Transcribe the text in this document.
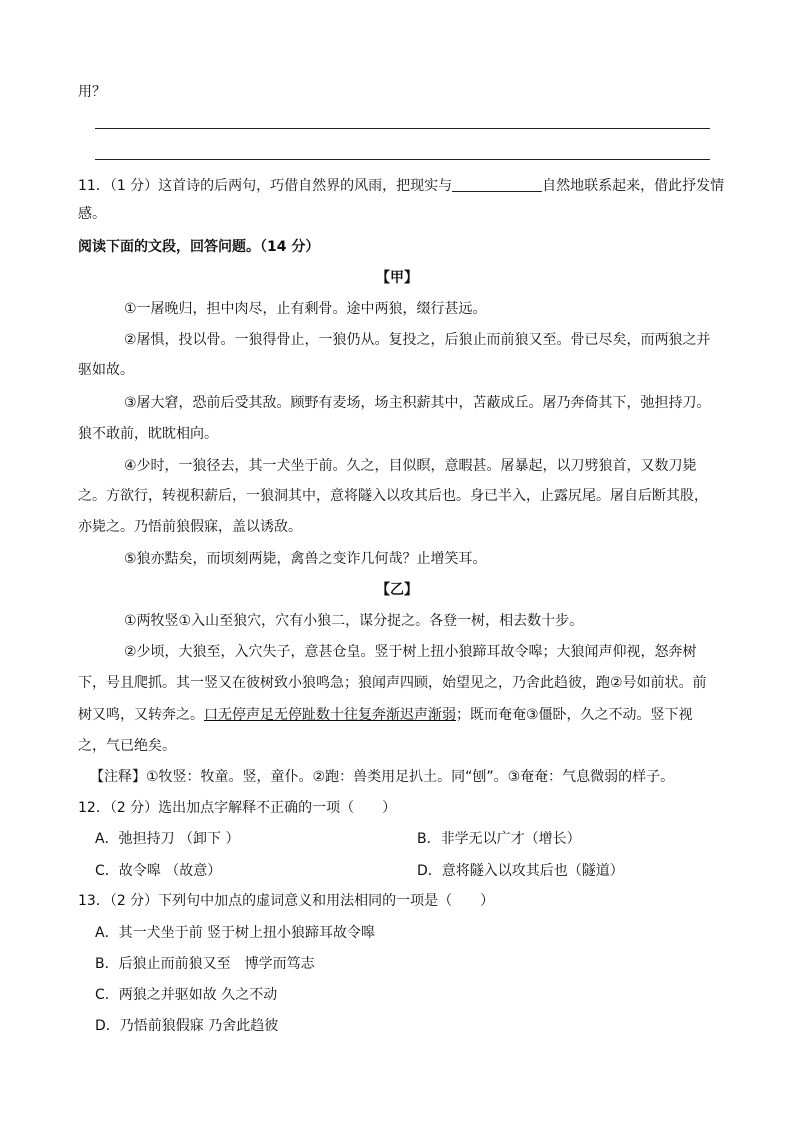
用？
11．（1 分）这首诗的后两句，巧借自然界的风雨，把现实与	自然地联系起来，借此抒发情
感。
阅读下面的文段，回答问题。（14 分）
【甲】
①一屠晚归，担中肉尽，止有剩骨。途中两狼，缀行甚远。
②屠惧，投以骨。一狼得骨止，一狼仍从。复投之，后狼止而前狼又至。骨已尽矣，而两狼之并
驱如故。
③屠大窘，恐前后受其敌。顾野有麦场，场主积薪其中，苫蔽成丘。屠乃奔倚其下，弛担持刀。
狼不敢前，眈眈相向。
④少时，一狼径去，其一犬坐于前。久之，目似瞑，意暇甚。屠暴起，以刀劈狼首，又数刀毙
之。方欲行，转视积薪后，一狼洞其中，意将隧入以攻其后也。身已半入，止露尻尾。屠自后断其股，
亦毙之。乃悟前狼假寐，盖以诱敌。
⑤狼亦黠矣，而顷刻两毙，禽兽之变诈几何哉？止增笑耳。
【乙】
①两牧竖①入山至狼穴，穴有小狼二，谋分捉之。各登一树，相去数十步。
②少顷，大狼至，入穴失子，意甚仓皇。竖于树上扭小狼蹄耳故令嗥；大狼闻声仰视，怒奔树
下，号且爬抓。其一竖又在彼树致小狼鸣急；狼闻声四顾，始望见之，乃舍此趋彼，跑②号如前状。前
树又鸣，又转奔之。口无停声足无停趾数十往复奔渐迟声渐弱；既而奄奄③僵卧，久之不动。竖下视
之，气已绝矣。
【注释】①牧竖：牧童。竖，童仆。②跑：兽类用足扒土。同“刨”。③奄奄：气息微弱的样子。
12．（2 分）选出加点字解释不正确的一项（　　）
A．弛担持刀 （卸下 ）	B．非学无以广才（增长）
C．故令嗥 （故意）	D．意将隧入以攻其后也（隧道）
13．（2 分）下列句中加点的虚词意义和用法相同的一项是（　　）
A．其一犬坐于前 竖于树上扭小狼蹄耳故令嗥
B．后狼止而前狼又至　博学而笃志
C．两狼之并驱如故 久之不动
D．乃悟前狼假寐 乃舍此趋彼
